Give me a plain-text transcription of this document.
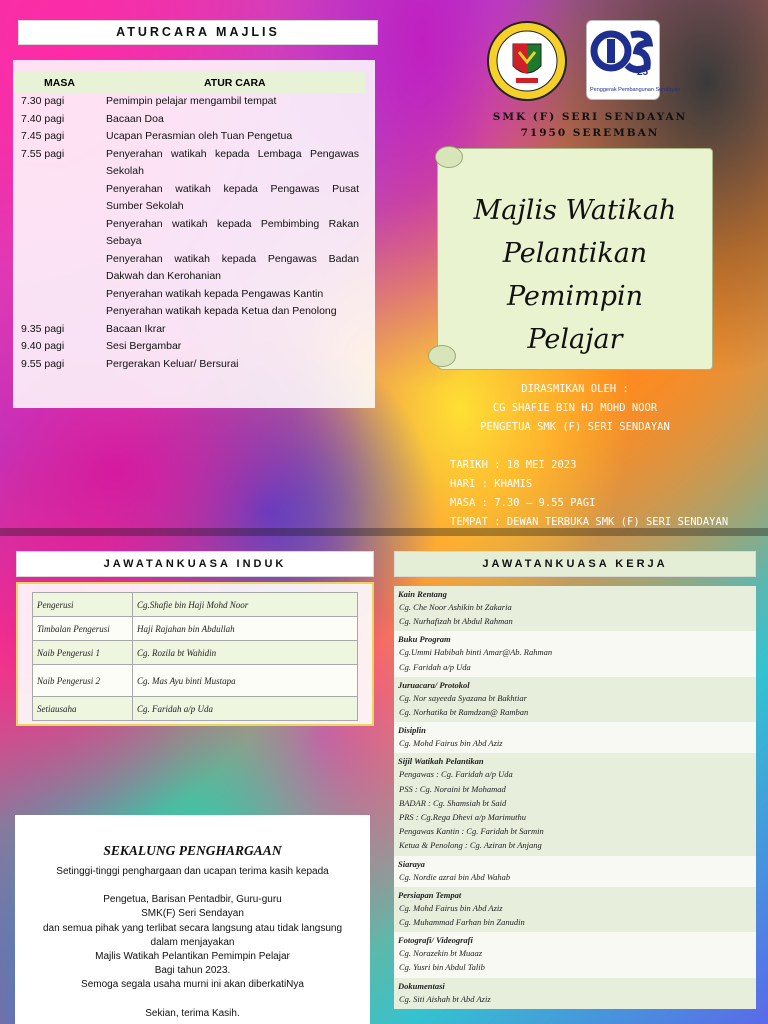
ATURCARA MAJLIS
MASA	ATUR CARA
7.30 pagi	Pemimpin pelajar mengambil tempat
7.40 pagi	Bacaan Doa
7.45 pagi	Ucapan Perasmian oleh Tuan Pengetua
7.55 pagi	Penyerahan watikah kepada Lembaga Pengawas Sekolah
	Penyerahan watikah kepada Pengawas Pusat Sumber Sekolah
	Penyerahan watikah kepada Pembimbing Rakan Sebaya
	Penyerahan watikah kepada Pengawas Badan Dakwah dan Kerohanian
	Penyerahan watikah kepada Pengawas Kantin
	Penyerahan watikah kepada Ketua dan Penolong
9.35 pagi	Bacaan Ikrar
9.40 pagi	Sesi Bergambar
9.55 pagi	Pergerakan Keluar/ Bersurai
25
Penggerak Pembangunan Sendayan
SMK (F) SERI SENDAYAN
71950 SEREMBAN
Majlis Watikah
Pelantikan Pemimpin
Pelajar
DIRASMIKAN OLEH :
CG SHAFIE BIN HJ MOHD NOOR
PENGETUA SMK (F) SERI SENDAYAN
TARIKH : 18 MEI 2023
HARI : KHAMIS
MASA : 7.30 – 9.55 PAGI
TEMPAT : DEWAN TERBUKA SMK (F) SERI SENDAYAN
JAWATANKUASA INDUK
Pengerusi	Cg.Shafie bin Haji Mohd Noor
Timbalan Pengerusi	Haji Rajahan bin Abdullah
Naib Pengerusi 1	Cg. Rozila bt Wahidin
Naib Pengerusi 2	Cg. Mas Ayu binti Mustapa
Setiausaha	Cg. Faridah a/p Uda
SEKALUNG PENGHARGAAN
Setinggi-tinggi penghargaan dan ucapan terima kasih kepada
Pengetua, Barisan Pentadbir, Guru-guru
SMK(F) Seri Sendayan
dan semua pihak yang terlibat secara langsung atau tidak langsung
dalam menjayakan
Majlis Watikah Pelantikan Pemimpin Pelajar
Bagi tahun 2023.
Semoga segala usaha murni ini akan diberkatiNya
Sekian, terima Kasih.
JAWATANKUASA KERJA
Kain Rentang
Cg. Che Noor Ashikin bt Zakaria
Cg. Nurhafizah bt Abdul Rahman
Buku Program
Cg.Ummi Habibah binti Amar@Ab. Rahman
Cg. Faridah a/p Uda
Juruacara/ Protokol
Cg. Nor sayeeda Syazana bt Bakhtiar
Cg. Norhatika bt Ramdzan@ Ramban
Disiplin
Cg. Mohd Fairus bin Abd Aziz
Sijil Watikah Pelantikan
Pengawas : Cg. Faridah a/p Uda
PSS : Cg. Noraini bt Mohamad
BADAR : Cg. Shamsiah bt Said
PRS : Cg.Rega Dhevi a/p Marimuthu
Pengawas Kantin : Cg. Faridah bt Sarmin
Ketua & Penolong : Cg. Aziran bt Anjang
Siaraya
Cg. Nordie azrai bin Abd Wahab
Persiapan Tempat
Cg. Mohd Fairus bin Abd Aziz
Cg. Muhammad Farhan bin Zanudin
Fotografi/ Videografi
Cg. Norazekin bt Muaaz
Cg. Yusri bin Abdul Talib
Dokumentasi
Cg. Siti Aishah bt Abd Aziz
